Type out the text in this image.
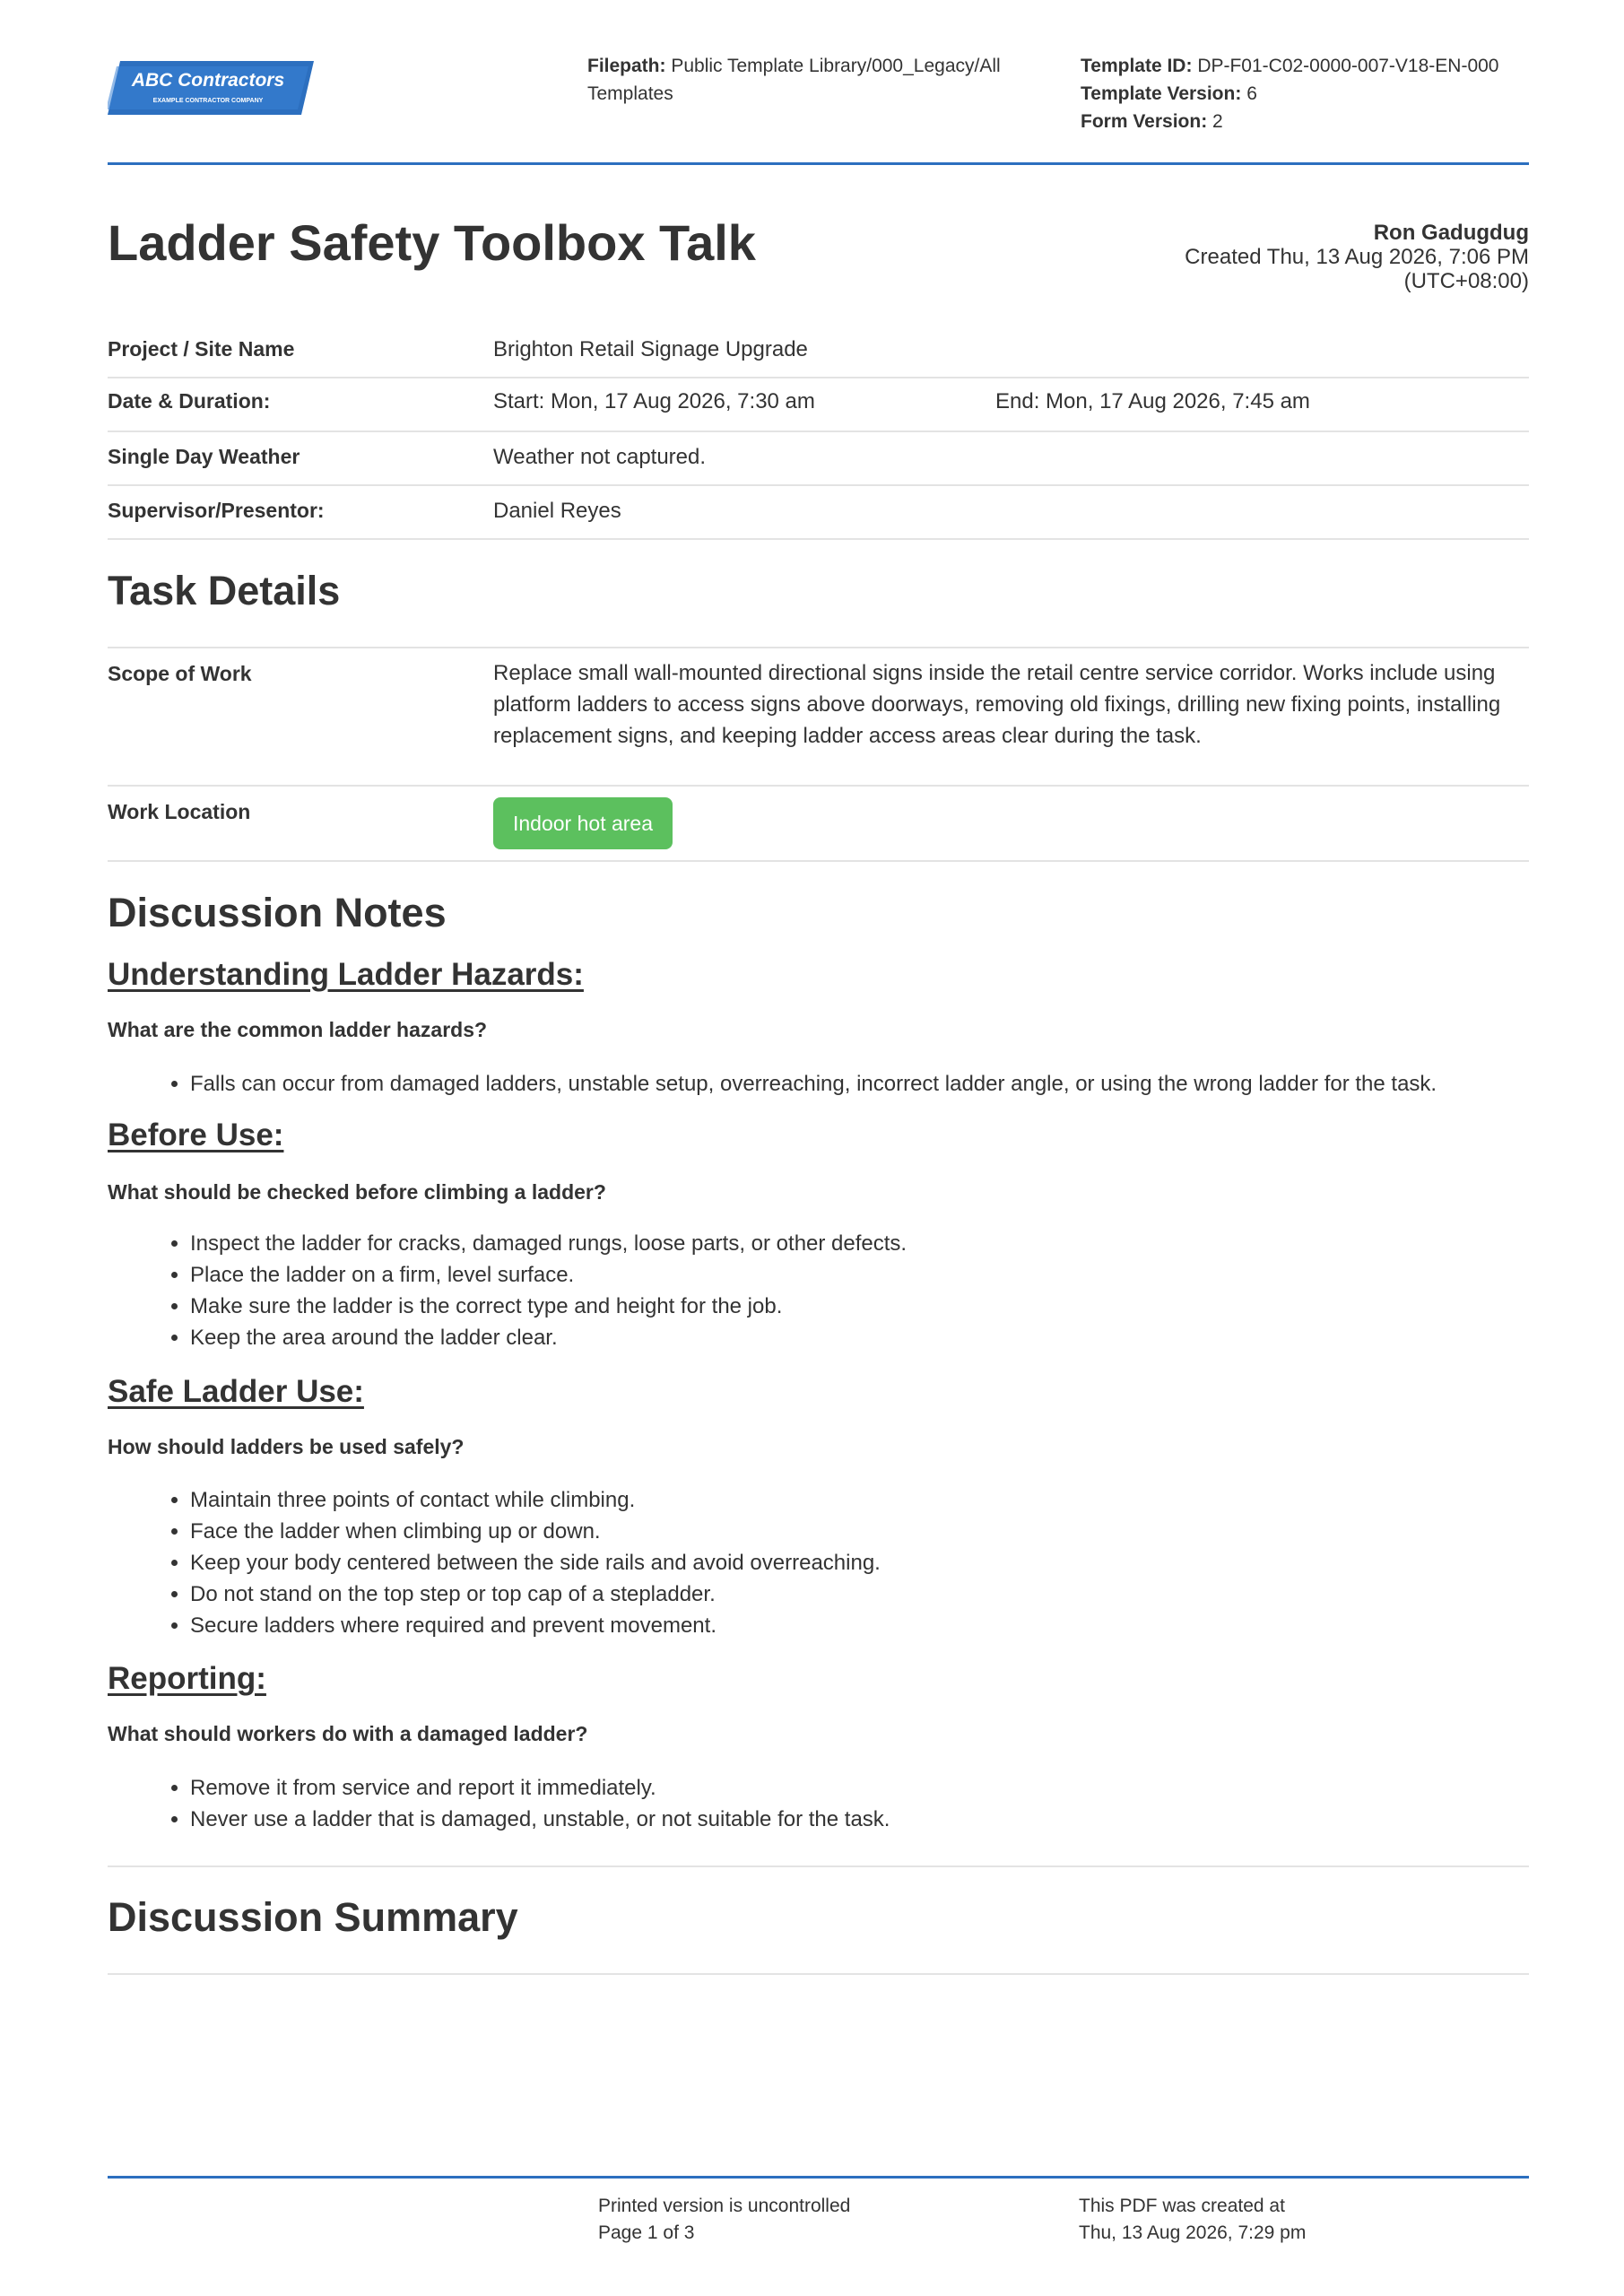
ABC Contractors
EXAMPLE CONTRACTOR COMPANY
Filepath: Public Template Library/000_Legacy/All Templates
Template ID: DP-F01-C02-0000-007-V18-EN-000
Template Version: 6
Form Version: 2
Ladder Safety Toolbox Talk	Ron Gadugdug
Created Thu, 13 Aug 2026, 7:06 PM
(UTC+08:00)
Project / Site Name	Brighton Retail Signage Upgrade
Date & Duration:	Start: Mon, 17 Aug 2026, 7:30 am	End: Mon, 17 Aug 2026, 7:45 am
Single Day Weather	Weather not captured.
Supervisor/Presentor:	Daniel Reyes
Task Details
Scope of Work	Replace small wall-mounted directional signs inside the retail centre service corridor. Works include using platform ladders to access signs above doorways, removing old fixings, drilling new fixing points, installing replacement signs, and keeping ladder access areas clear during the task.
Work Location	Indoor hot area
Discussion Notes
Understanding Ladder Hazards:
What are the common ladder hazards?
• Falls can occur from damaged ladders, unstable setup, overreaching, incorrect ladder angle, or using the wrong ladder for the task.
Before Use:
What should be checked before climbing a ladder?
• Inspect the ladder for cracks, damaged rungs, loose parts, or other defects.
• Place the ladder on a firm, level surface.
• Make sure the ladder is the correct type and height for the job.
• Keep the area around the ladder clear.
Safe Ladder Use:
How should ladders be used safely?
• Maintain three points of contact while climbing.
• Face the ladder when climbing up or down.
• Keep your body centered between the side rails and avoid overreaching.
• Do not stand on the top step or top cap of a stepladder.
• Secure ladders where required and prevent movement.
Reporting:
What should workers do with a damaged ladder?
• Remove it from service and report it immediately.
• Never use a ladder that is damaged, unstable, or not suitable for the task.
Discussion Summary
Printed version is uncontrolled
Page 1 of 3
This PDF was created at
Thu, 13 Aug 2026, 7:29 pm
